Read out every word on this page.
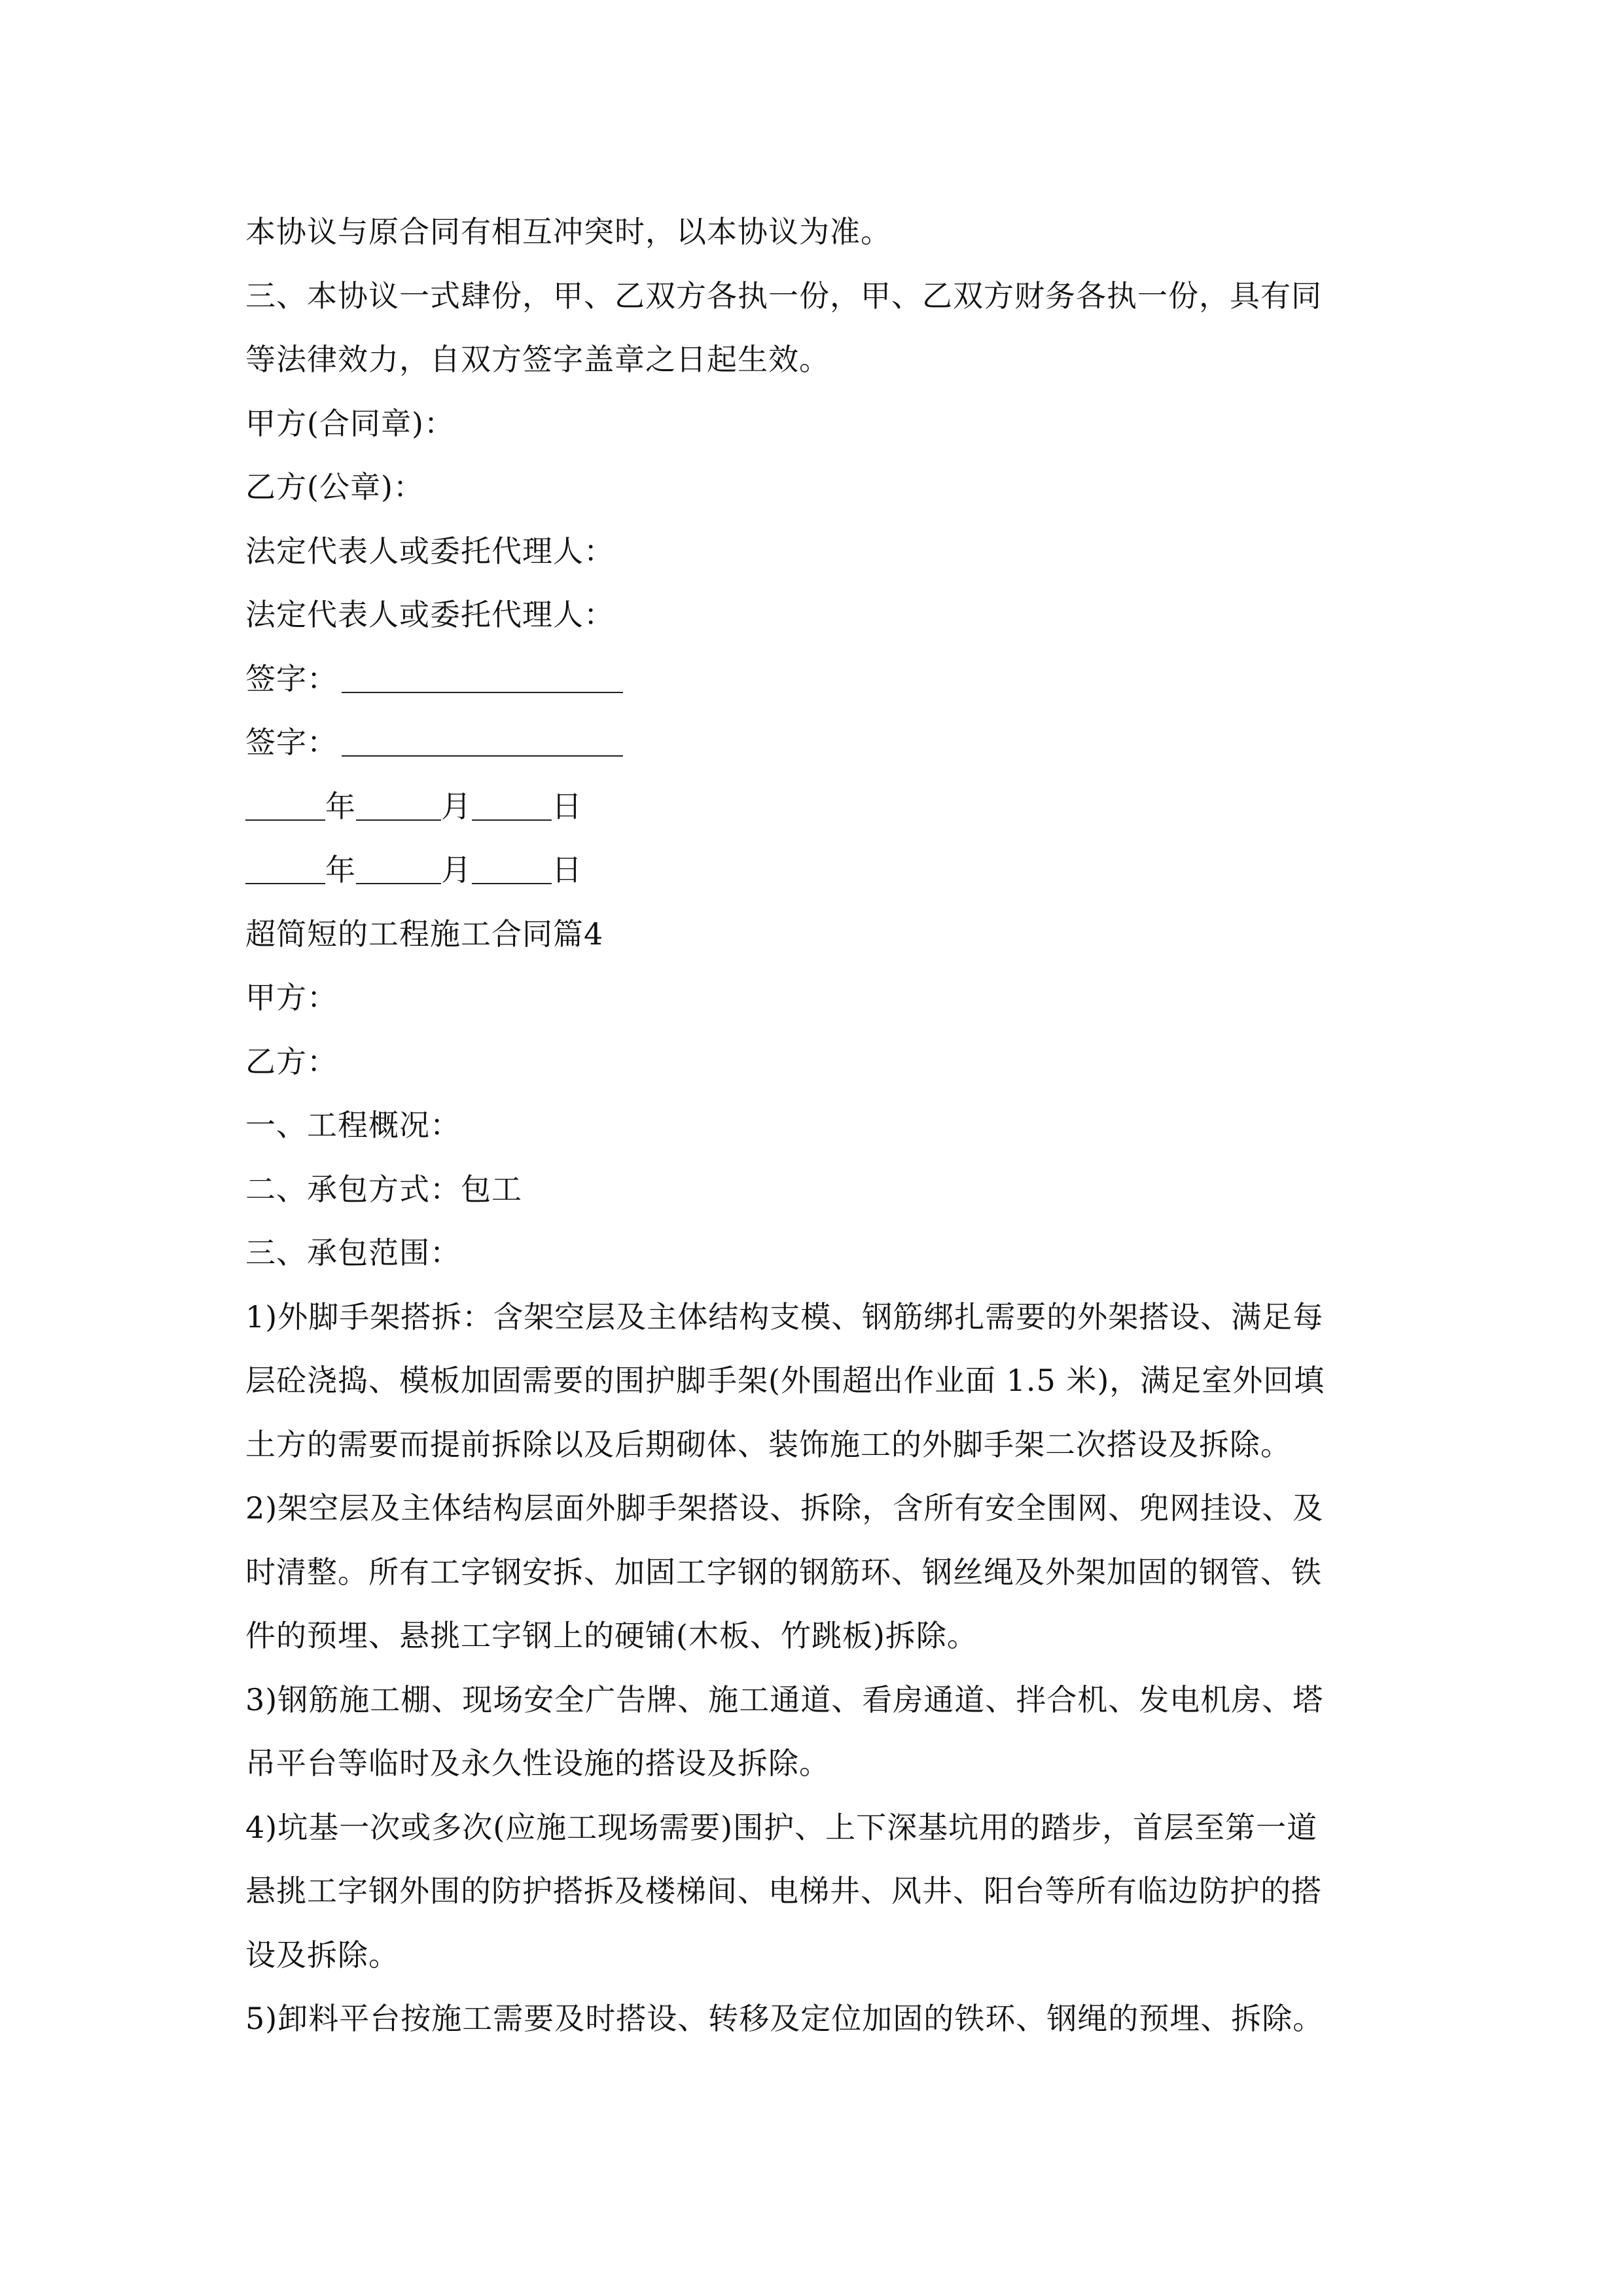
本协议与原合同有相互冲突时，以本协议为准。
三、本协议一式肆份，甲、乙双方各执一份，甲、乙双方财务各执一份，具有同
等法律效力，自双方签字盖章之日起生效。
甲方(合同章)：
乙方(公章)：
法定代表人或委托代理人：
法定代表人或委托代理人：
签字：
签字：
年	月	日
年	月	日
超简短的工程施工合同篇4
甲方：
乙方：
一、工程概况：
二、承包方式：包工
三、承包范围：
1)外脚手架搭拆：含架空层及主体结构支模、钢筋绑扎需要的外架搭设、满足每
层砼浇捣、模板加固需要的围护脚手架(外围超出作业面 1.5 米)，满足室外回填
土方的需要而提前拆除以及后期砌体、装饰施工的外脚手架二次搭设及拆除。
2)架空层及主体结构层面外脚手架搭设、拆除，含所有安全围网、兜网挂设、及
时清整。所有工字钢安拆、加固工字钢的钢筋环、钢丝绳及外架加固的钢管、铁
件的预埋、悬挑工字钢上的硬铺(木板、竹跳板)拆除。
3)钢筋施工棚、现场安全广告牌、施工通道、看房通道、拌合机、发电机房、塔
吊平台等临时及永久性设施的搭设及拆除。
4)坑基一次或多次(应施工现场需要)围护、上下深基坑用的踏步，首层至第一道
悬挑工字钢外围的防护搭拆及楼梯间、电梯井、风井、阳台等所有临边防护的搭
设及拆除。
5)卸料平台按施工需要及时搭设、转移及定位加固的铁环、钢绳的预埋、拆除。
